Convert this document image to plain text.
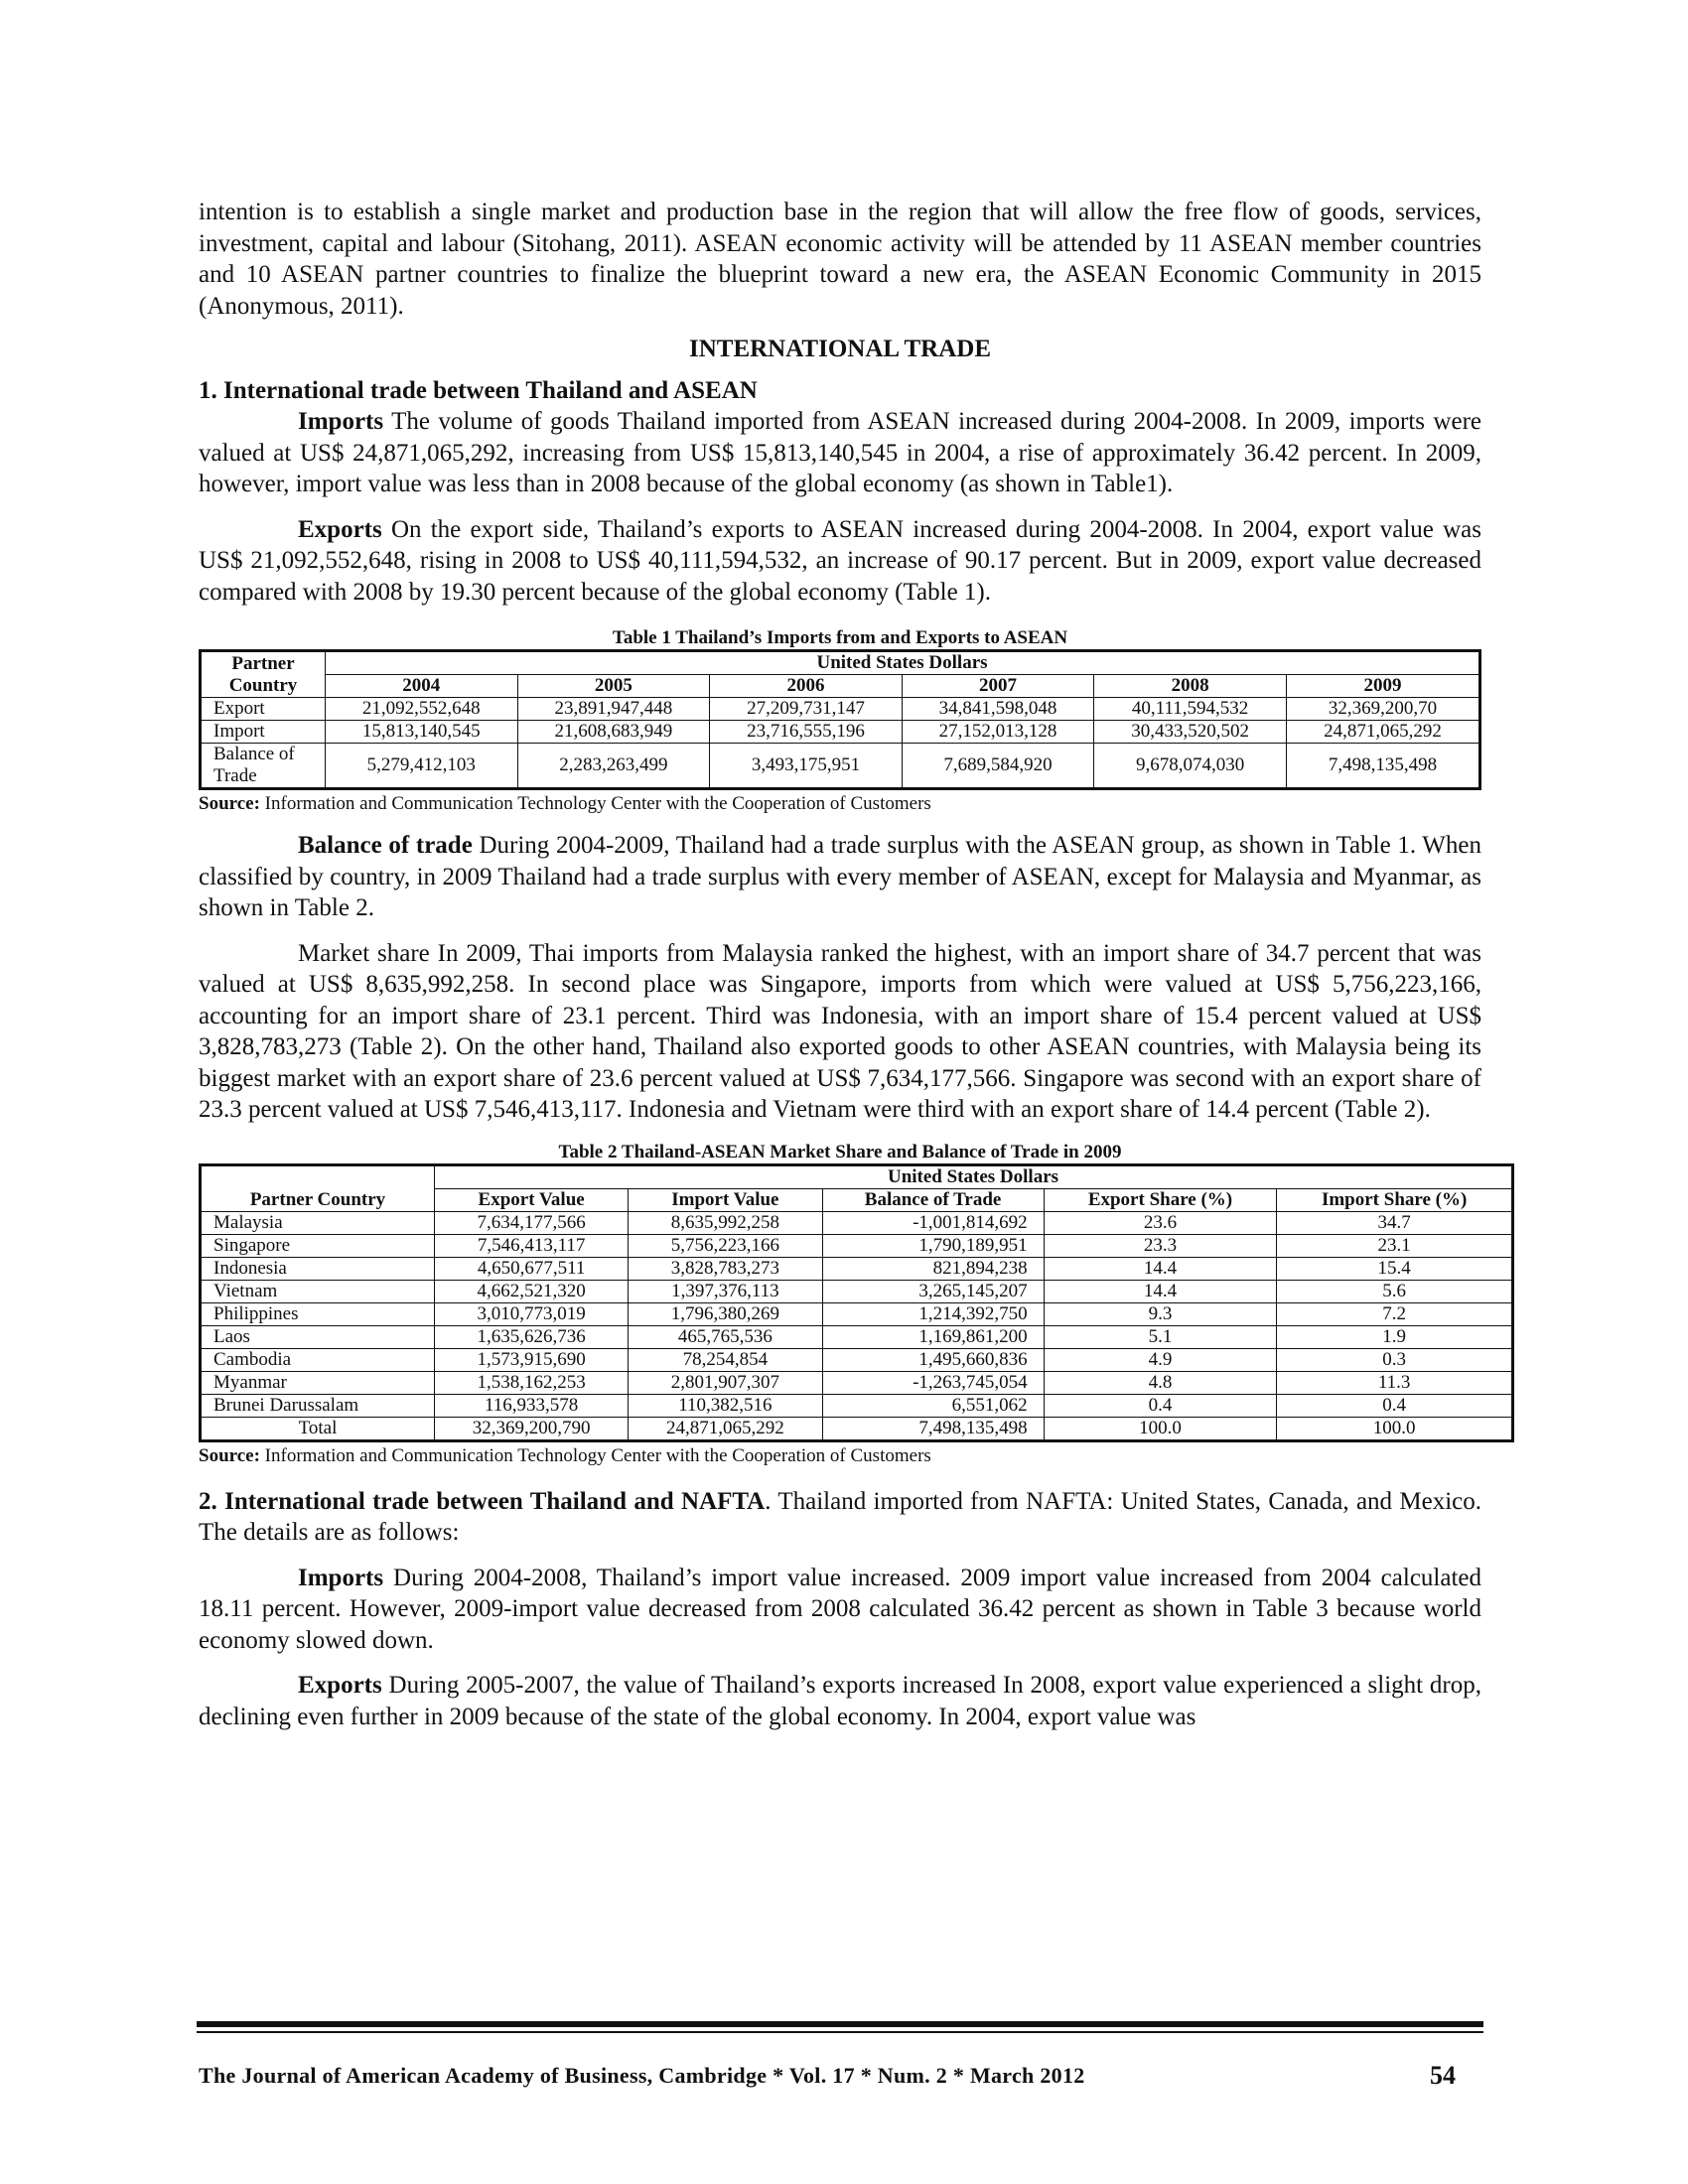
intention is to establish a single market and production base in the region that will allow the free flow of goods, services, investment, capital and labour (Sitohang, 2011). ASEAN economic activity will be attended by 11 ASEAN member countries and 10 ASEAN partner countries to finalize the blueprint toward a new era, the ASEAN Economic Community in 2015 (Anonymous, 2011).

INTERNATIONAL TRADE
1. International trade between Thailand and ASEAN

Imports The volume of goods Thailand imported from ASEAN increased during 2004-2008. In 2009, imports were valued at US$ 24,871,065,292, increasing from US$ 15,813,140,545 in 2004, a rise of approximately 36.42 percent. In 2009, however, import value was less than in 2008 because of the global economy (as shown in Table1).

Exports On the export side, Thailand’s exports to ASEAN increased during 2004-2008. In 2004, export value was US$ 21,092,552,648, rising in 2008 to US$ 40,111,594,532, an increase of 90.17 percent. But in 2009, export value decreased compared with 2008 by 19.30 percent because of the global economy (Table 1).

Table 1 Thailand’s Imports from and Exports to ASEAN
Partner
Country	United States Dollars					
	2004	2005	2006	2007	2008	2009
Export	21,092,552,648	23,891,947,448	27,209,731,147	34,841,598,048	40,111,594,532	32,369,200,70
Import	15,813,140,545	21,608,683,949	23,716,555,196	27,152,013,128	30,433,520,502	24,871,065,292
Balance of Trade	5,279,412,103	2,283,263,499	3,493,175,951	7,689,584,920	9,678,074,030	7,498,135,498
Source: Information and Communication Technology Center with the Cooperation of Customers

Balance of trade During 2004-2009, Thailand had a trade surplus with the ASEAN group, as shown in Table 1. When classified by country, in 2009 Thailand had a trade surplus with every member of ASEAN, except for Malaysia and Myanmar, as shown in Table 2.

Market share In 2009, Thai imports from Malaysia ranked the highest, with an import share of 34.7 percent that was valued at US$ 8,635,992,258. In second place was Singapore, imports from which were valued at US$ 5,756,223,166, accounting for an import share of 23.1 percent. Third was Indonesia, with an import share of 15.4 percent valued at US$ 3,828,783,273 (Table 2). On the other hand, Thailand also exported goods to other ASEAN countries, with Malaysia being its biggest market with an export share of 23.6 percent valued at US$ 7,634,177,566. Singapore was second with an export share of 23.3 percent valued at US$ 7,546,413,117. Indonesia and Vietnam were third with an export share of 14.4 percent (Table 2).

Table 2 Thailand-ASEAN Market Share and Balance of Trade in 2009
Partner Country	United States Dollars				
	Export Value	Import Value	Balance of Trade	Export Share (%)	Import Share (%)
Malaysia	7,634,177,566	8,635,992,258	-1,001,814,692	23.6	34.7
Singapore	7,546,413,117	5,756,223,166	1,790,189,951	23.3	23.1
Indonesia	4,650,677,511	3,828,783,273	821,894,238	14.4	15.4
Vietnam	4,662,521,320	1,397,376,113	3,265,145,207	14.4	5.6
Philippines	3,010,773,019	1,796,380,269	1,214,392,750	9.3	7.2
Laos	1,635,626,736	465,765,536	1,169,861,200	5.1	1.9
Cambodia	1,573,915,690	78,254,854	1,495,660,836	4.9	0.3
Myanmar	1,538,162,253	2,801,907,307	-1,263,745,054	4.8	11.3
Brunei Darussalam	116,933,578	110,382,516	6,551,062	0.4	0.4
Total	32,369,200,790	24,871,065,292	7,498,135,498	100.0	100.0
Source: Information and Communication Technology Center with the Cooperation of Customers

2. International trade between Thailand and NAFTA. Thailand imported from NAFTA: United States, Canada, and Mexico. The details are as follows:

Imports During 2004-2008, Thailand’s import value increased. 2009 import value increased from 2004 calculated 18.11 percent. However, 2009-import value decreased from 2008 calculated 36.42 percent as shown in Table 3 because world economy slowed down.

Exports During 2005-2007, the value of Thailand’s exports increased In 2008, export value experienced a slight drop, declining even further in 2009 because of the state of the global economy. In 2004, export value was

The Journal of American Academy of Business, Cambridge * Vol. 17 * Num. 2 * March 2012	54
